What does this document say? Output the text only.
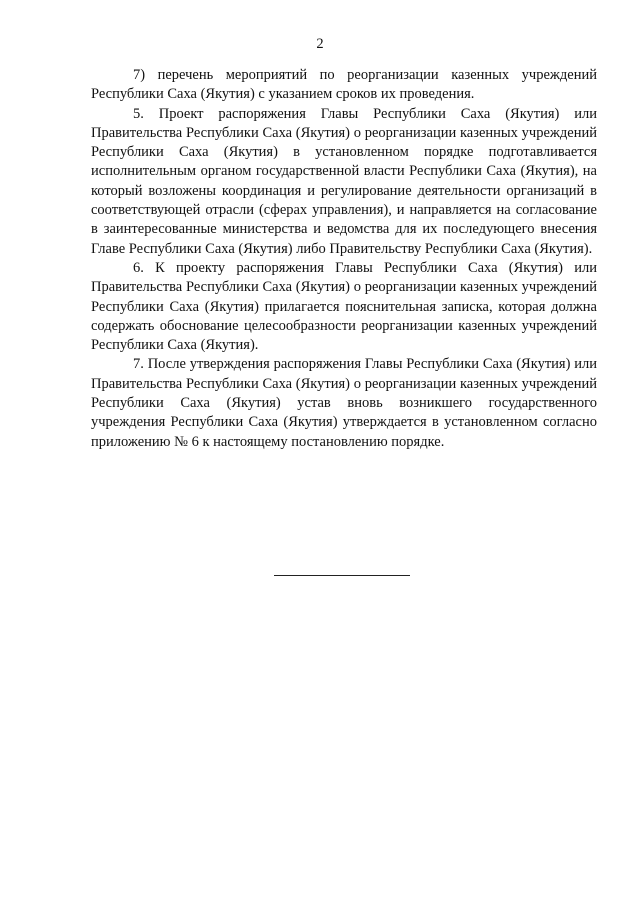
2

7) перечень мероприятий по реорганизации казенных учреждений Республики Саха (Якутия) с указанием сроков их проведения.

5. Проект распоряжения Главы Республики Саха (Якутия) или Правительства Республики Саха (Якутия) о реорганизации казенных учреждений Республики Саха (Якутия) в установленном порядке подготавливается исполнительным органом государственной власти Республики Саха (Якутия), на который возложены координация и регулирование деятельности организаций в соответствующей отрасли (сферах управления), и направляется на согласование в заинтересованные министерства и ведомства для их последующего внесения Главе Республики Саха (Якутия) либо Правительству Республики Саха (Якутия).

6. К проекту распоряжения Главы Республики Саха (Якутия) или Правительства Республики Саха (Якутия) о реорганизации казенных учреждений Республики Саха (Якутия) прилагается пояснительная записка, которая должна содержать обоснование целесообразности реорганизации казенных учреждений Республики Саха (Якутия).

7. После утверждения распоряжения Главы Республики Саха (Якутия) или Правительства Республики Саха (Якутия) о реорганизации казенных учреждений Республики Саха (Якутия) устав вновь возникшего государственного учреждения Республики Саха (Якутия) утверждается в установленном согласно приложению № 6 к настоящему постановлению порядке.
